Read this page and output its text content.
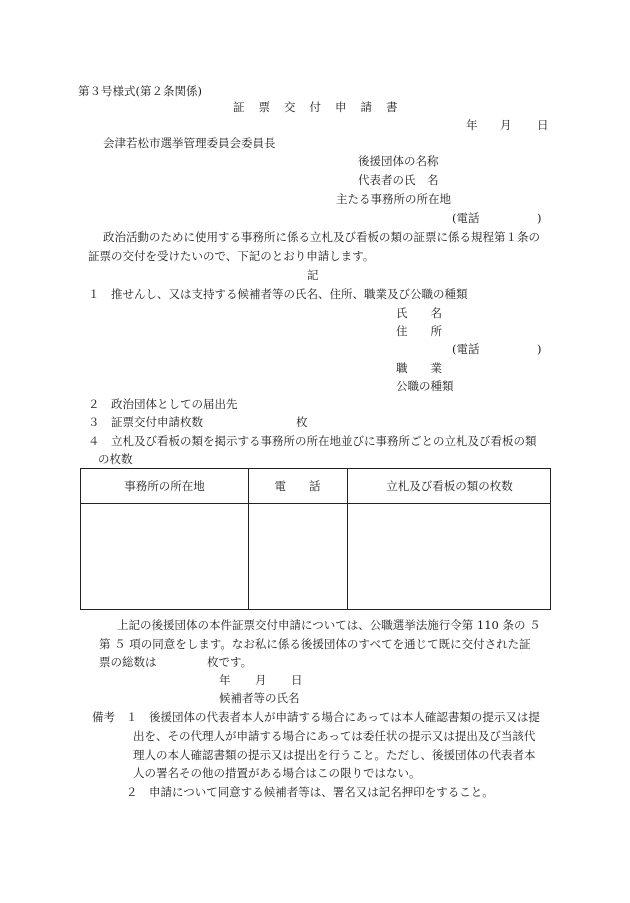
第３号様式(第２条関係)
証票交付申請書
年 月 日
会津若松市選挙管理委員会委員長
後援団体の名称
代表者の氏　名
主たる事務所の所在地
(電話　　　　　)
政治活動のために使用する事務所に係る立札及び看板の類の証票に係る規程第１条の
証票の交付を受けたいので、下記のとおり申請します。
記
１　推せんし、又は支持する候補者等の氏名、住所、職業及び公職の種類
氏　　名
住　　所
(電話　　　　　)
職　　業
公職の種類
２　政治団体としての届出先
３　証票交付申請枚数	枚
４　立札及び看板の類を掲示する事務所の所在地並びに事務所ごとの立札及び看板の類
の枚数
事務所の所在地	電　　話	立札及び看板の類の枚数
上記の後援団体の本件証票交付申請については、公職選挙法施行令第 110 条の ５
第 ５ 項の同意をします。なお私に係る後援団体のすべてを通じて既に交付された証
票の総数は	枚です。
年 月 日
候補者等の氏名
備考 １　後援団体の代表者本人が申請する場合にあっては本人確認書類の提示又は提
出を、その代理人が申請する場合にあっては委任状の提示又は提出及び当該代
理人の本人確認書類の提示又は提出を行うこと。ただし、後援団体の代表者本
人の署名その他の措置がある場合はこの限りではない。
２　申請について同意する候補者等は、署名又は記名押印をすること。
